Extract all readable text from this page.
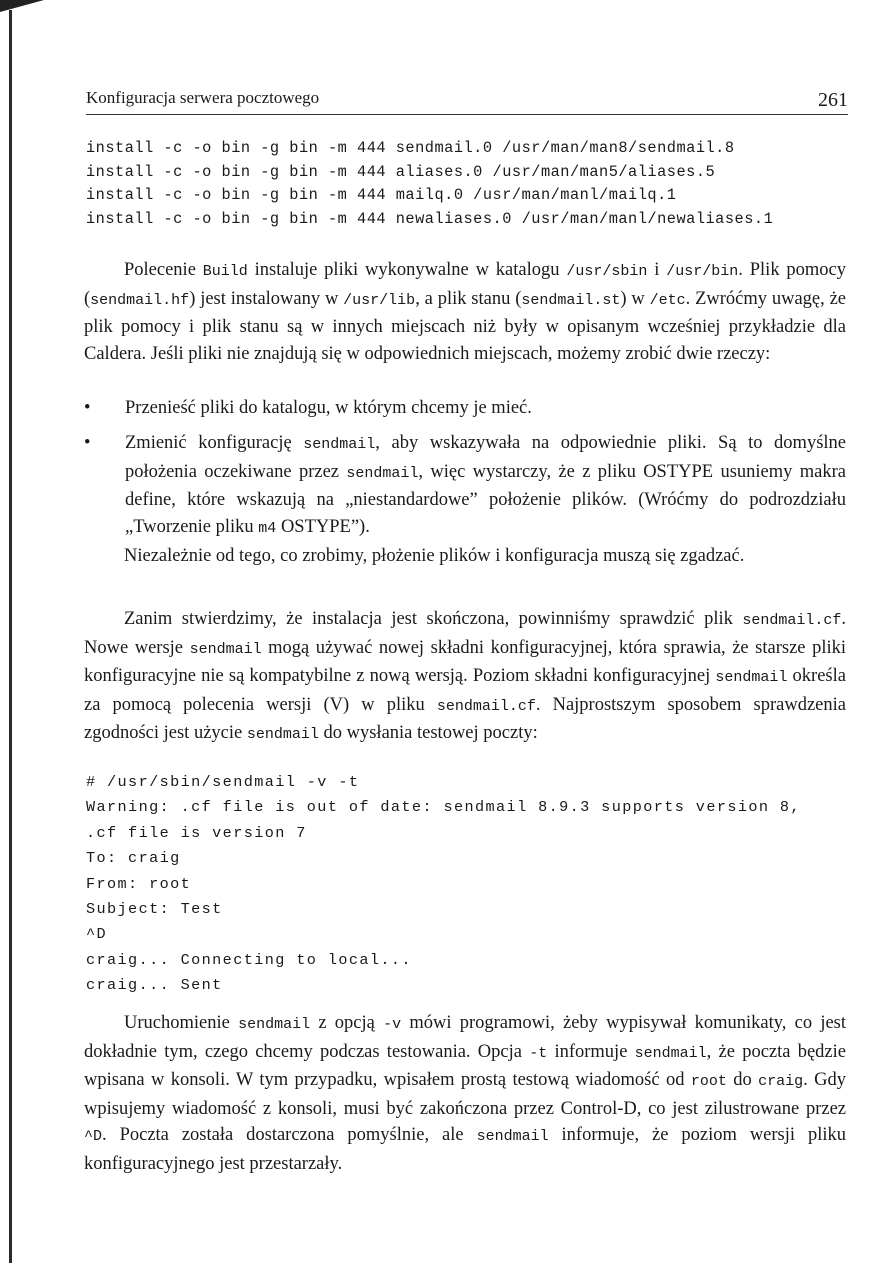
Konfiguracja serwera pocztowego	261
install -c -o bin -g bin -m 444 sendmail.0 /usr/man/man8/sendmail.8
install -c -o bin -g bin -m 444 aliases.0 /usr/man/man5/aliases.5
install -c -o bin -g bin -m 444 mailq.0 /usr/man/manl/mailq.1
install -c -o bin -g bin -m 444 newaliases.0 /usr/man/manl/newaliases.1

Polecenie Build instaluje pliki wykonywalne w katalogu /usr/sbin i /usr/bin. Plik pomocy (sendmail.hf) jest instalowany w /usr/lib, a plik stanu (sendmail.st) w /etc. Zwróćmy uwagę, że plik pomocy i plik stanu są w innych miejscach niż były w opisanym wcześniej przykładzie dla Caldera. Jeśli pliki nie znajdują się w odpowiednich miejscach, możemy zrobić dwie rzeczy:

•	Przenieść pliki do katalogu, w którym chcemy je mieć.
•	Zmienić konfigurację sendmail, aby wskazywała na odpowiednie pliki. Są to domyślne położenia oczekiwane przez sendmail, więc wystarczy, że z pliku OSTYPE usuniemy makra define, które wskazują na „niestandardowe” położenie plików. (Wróćmy do podrozdziału „Tworzenie pliku m4 OSTYPE”).

Niezależnie od tego, co zrobimy, płożenie plików i konfiguracja muszą się zgadzać.

Zanim stwierdzimy, że instalacja jest skończona, powinniśmy sprawdzić plik sendmail.cf. Nowe wersje sendmail mogą używać nowej składni konfiguracyjnej, która sprawia, że starsze pliki konfiguracyjne nie są kompatybilne z nową wersją. Poziom składni konfiguracyjnej sendmail określa za pomocą polecenia wersji (V) w pliku sendmail.cf. Najprostszym sposobem sprawdzenia zgodności jest użycie sendmail do wysłania testowej poczty:

# /usr/sbin/sendmail -v -t
Warning: .cf file is out of date: sendmail 8.9.3 supports version 8,
.cf file is version 7
To: craig
From: root
Subject: Test
^D
craig... Connecting to local...
craig... Sent

Uruchomienie sendmail z opcją -v mówi programowi, żeby wypisywał komunikaty, co jest dokładnie tym, czego chcemy podczas testowania. Opcja -t informuje sendmail, że poczta będzie wpisana w konsoli. W tym przypadku, wpisałem prostą testową wiadomość od root do craig. Gdy wpisujemy wiadomość z konsoli, musi być zakończona przez Control-D, co jest zilustrowane przez ^D. Poczta została dostarczona pomyślnie, ale sendmail informuje, że poziom wersji pliku konfiguracyjnego jest przestarzały.
